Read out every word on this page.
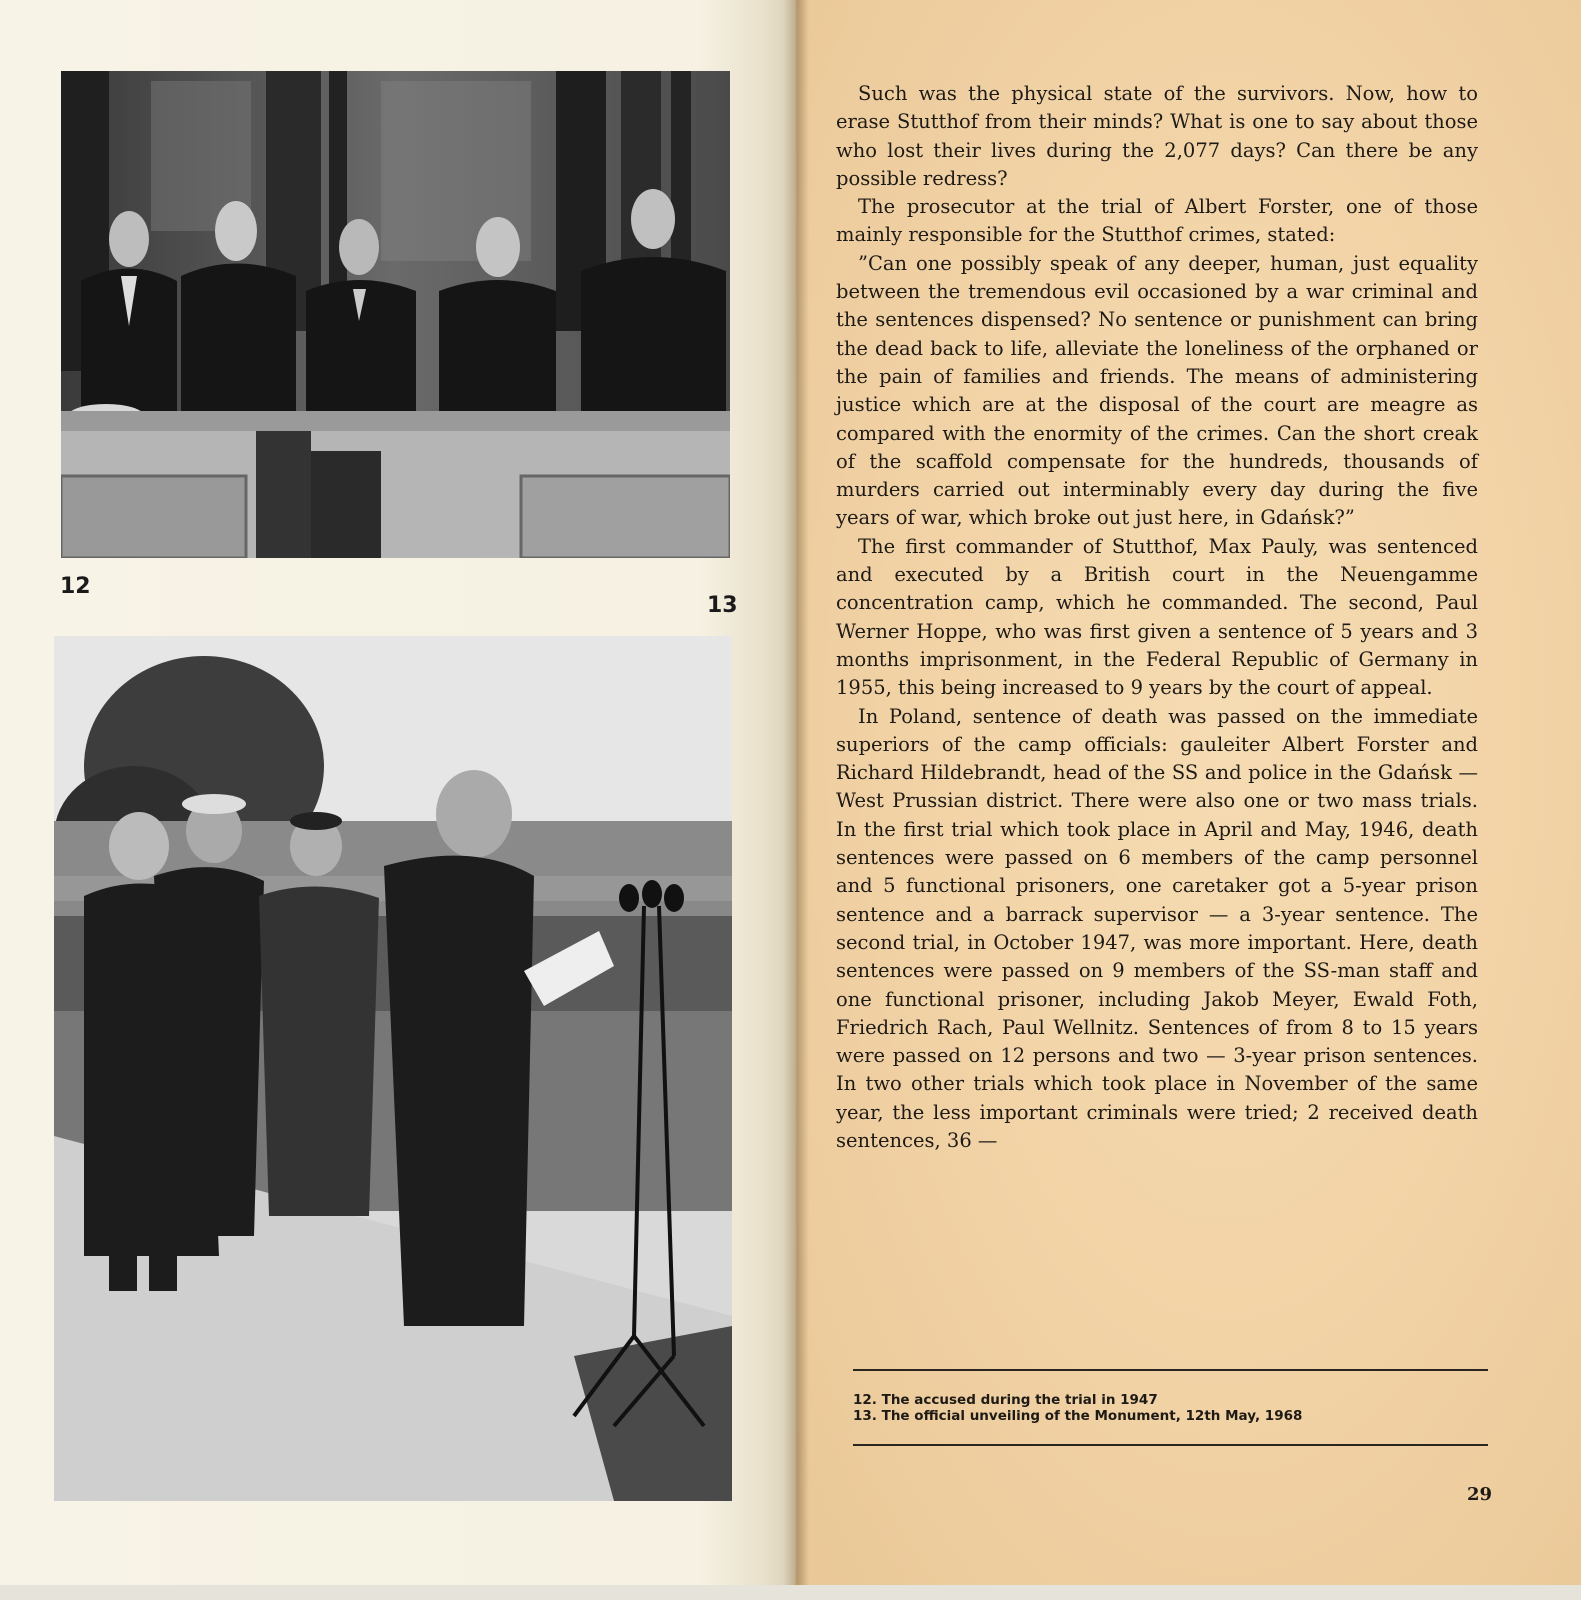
12
13

Such was the physical state of the survivors. Now, how to erase Stutthof from their minds? What is one to say about those who lost their lives during the 2,077 days? Can there be any possible redress?

The prosecutor at the trial of Albert Forster, one of those mainly responsible for the Stutthof crimes, stated:

”Can one possibly speak of any deeper, human, just equality between the tremendous evil occasioned by a war criminal and the sentences dispensed? No sentence or punishment can bring the dead back to life, alleviate the loneliness of the orphaned or the pain of families and friends. The means of administering justice which are at the disposal of the court are meagre as compared with the enormity of the crimes. Can the short creak of the scaffold compensate for the hundreds, thousands of murders carried out interminably every day during the five years of war, which broke out just here, in Gdańsk?”

The first commander of Stutthof, Max Pauly, was sentenced and executed by a British court in the Neuengamme concentration camp, which he commanded. The second, Paul Werner Hoppe, who was first given a sentence of 5 years and 3 months imprisonment, in the Federal Republic of Germany in 1955, this being increased to 9 years by the court of appeal.

In Poland, sentence of death was passed on the immediate superiors of the camp officials: gauleiter Albert Forster and Richard Hildebrandt, head of the SS and police in the Gdańsk — West Prussian district. There were also one or two mass trials. In the first trial which took place in April and May, 1946, death sentences were passed on 6 members of the camp personnel and 5 functional prisoners, one caretaker got a 5-year prison sentence and a barrack supervisor — a 3-year sentence. The second trial, in October 1947, was more important. Here, death sentences were passed on 9 members of the SS-man staff and one functional prisoner, including Jakob Meyer, Ewald Foth, Friedrich Rach, Paul Wellnitz. Sentences of from 8 to 15 years were passed on 12 persons and two — 3-year prison sentences. In two other trials which took place in November of the same year, the less important criminals were tried; 2 received death sentences, 36 —

12. The accused during the trial in 1947
13. The official unveiling of the Monument, 12th May, 1968
29
